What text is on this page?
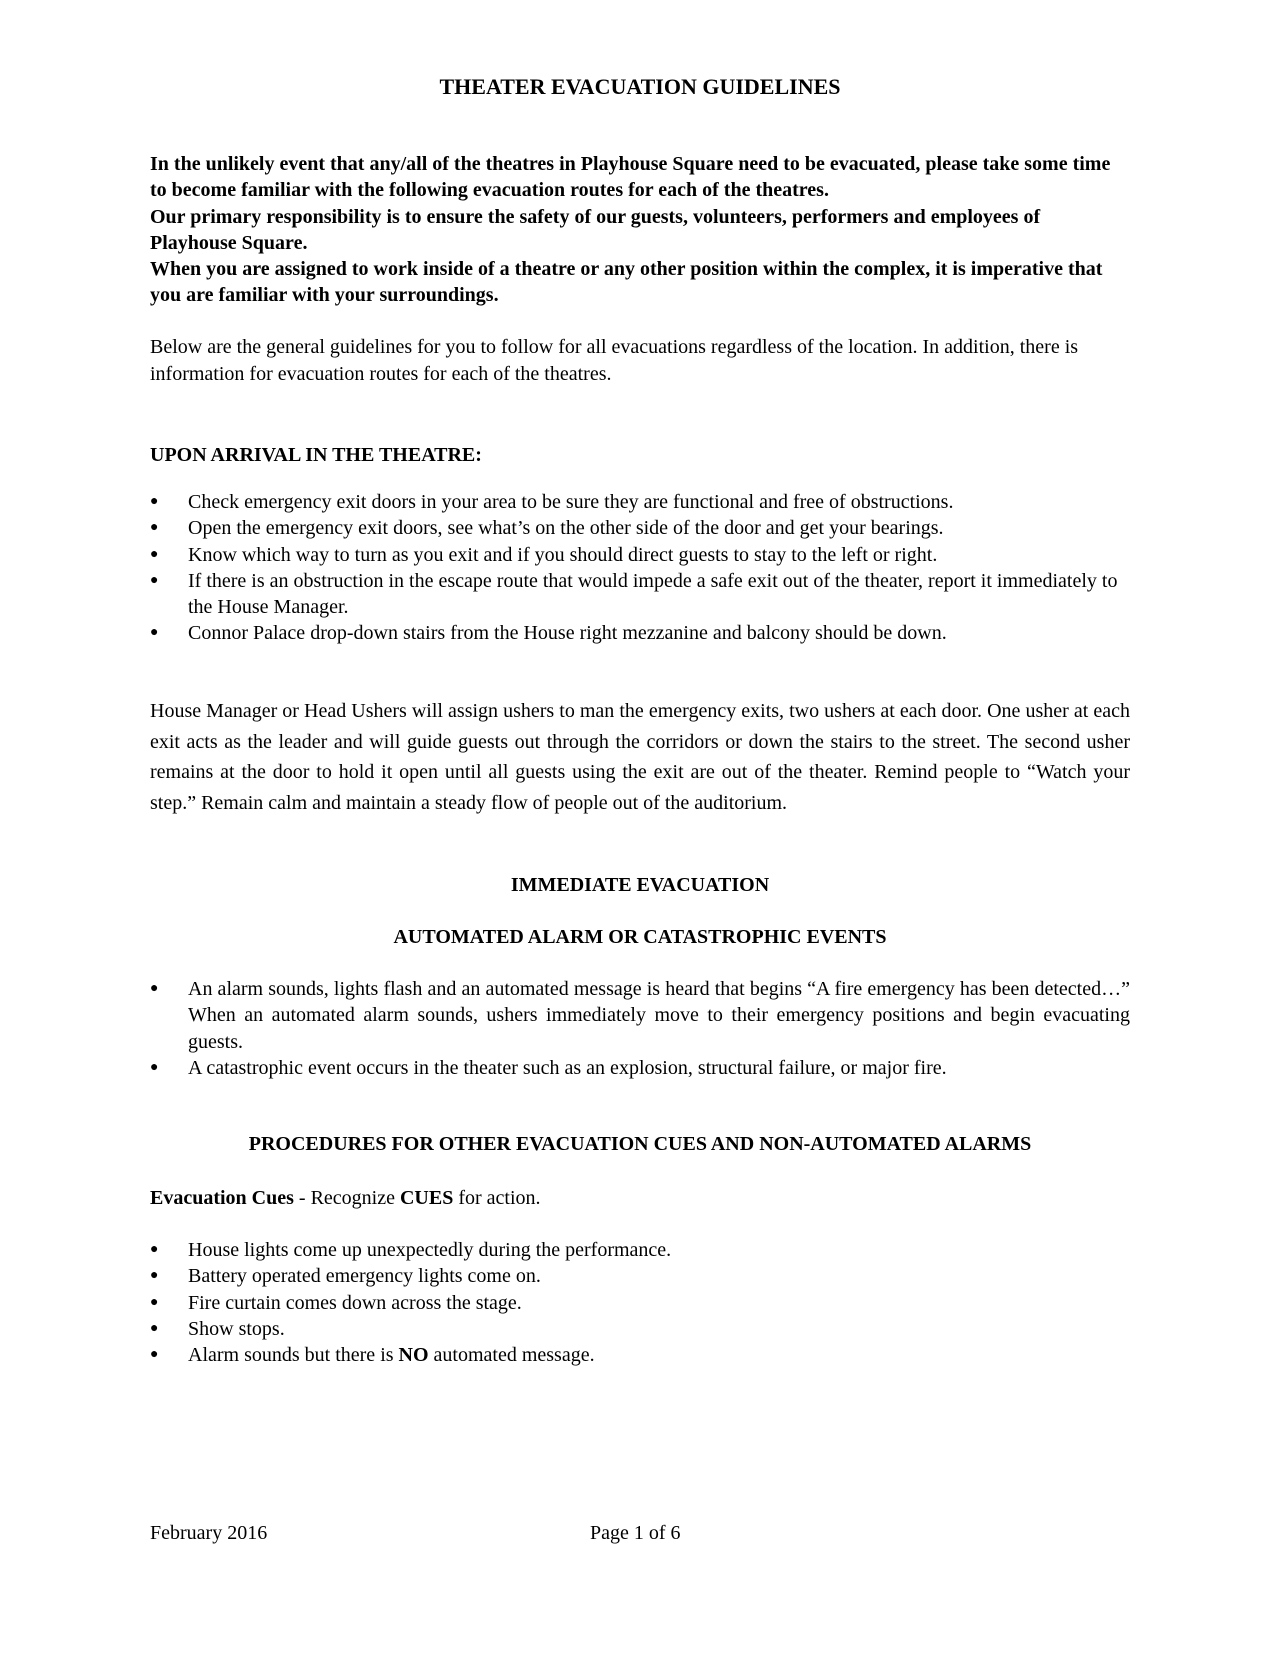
THEATER EVACUATION GUIDELINES
In the unlikely event that any/all of the theatres in Playhouse Square need to be evacuated, please take some time to become familiar with the following evacuation routes for each of the theatres.
Our primary responsibility is to ensure the safety of our guests, volunteers, performers and employees of Playhouse Square.
When you are assigned to work inside of a theatre or any other position within the complex, it is imperative that you are familiar with your surroundings.

Below are the general guidelines for you to follow for all evacuations regardless of the location. In addition, there is information for evacuation routes for each of the theatres.

UPON ARRIVAL IN THE THEATRE:

● Check emergency exit doors in your area to be sure they are functional and free of obstructions.
● Open the emergency exit doors, see what’s on the other side of the door and get your bearings.
● Know which way to turn as you exit and if you should direct guests to stay to the left or right.
● If there is an obstruction in the escape route that would impede a safe exit out of the theater, report it immediately to the House Manager.
● Connor Palace drop-down stairs from the House right mezzanine and balcony should be down.

House Manager or Head Ushers will assign ushers to man the emergency exits, two ushers at each door. One usher at each exit acts as the leader and will guide guests out through the corridors or down the stairs to the street. The second usher remains at the door to hold it open until all guests using the exit are out of the theater. Remind people to “Watch your step.” Remain calm and maintain a steady flow of people out of the auditorium.

IMMEDIATE EVACUATION

AUTOMATED ALARM OR CATASTROPHIC EVENTS

● An alarm sounds, lights flash and an automated message is heard that begins “A fire emergency has been detected…” When an automated alarm sounds, ushers immediately move to their emergency positions and begin evacuating guests.
● A catastrophic event occurs in the theater such as an explosion, structural failure, or major fire.

PROCEDURES FOR OTHER EVACUATION CUES AND NON-AUTOMATED ALARMS

Evacuation Cues - Recognize CUES for action.

● House lights come up unexpectedly during the performance.
● Battery operated emergency lights come on.
● Fire curtain comes down across the stage.
● Show stops.
● Alarm sounds but there is NO automated message.
February 2016	Page 1 of 6
